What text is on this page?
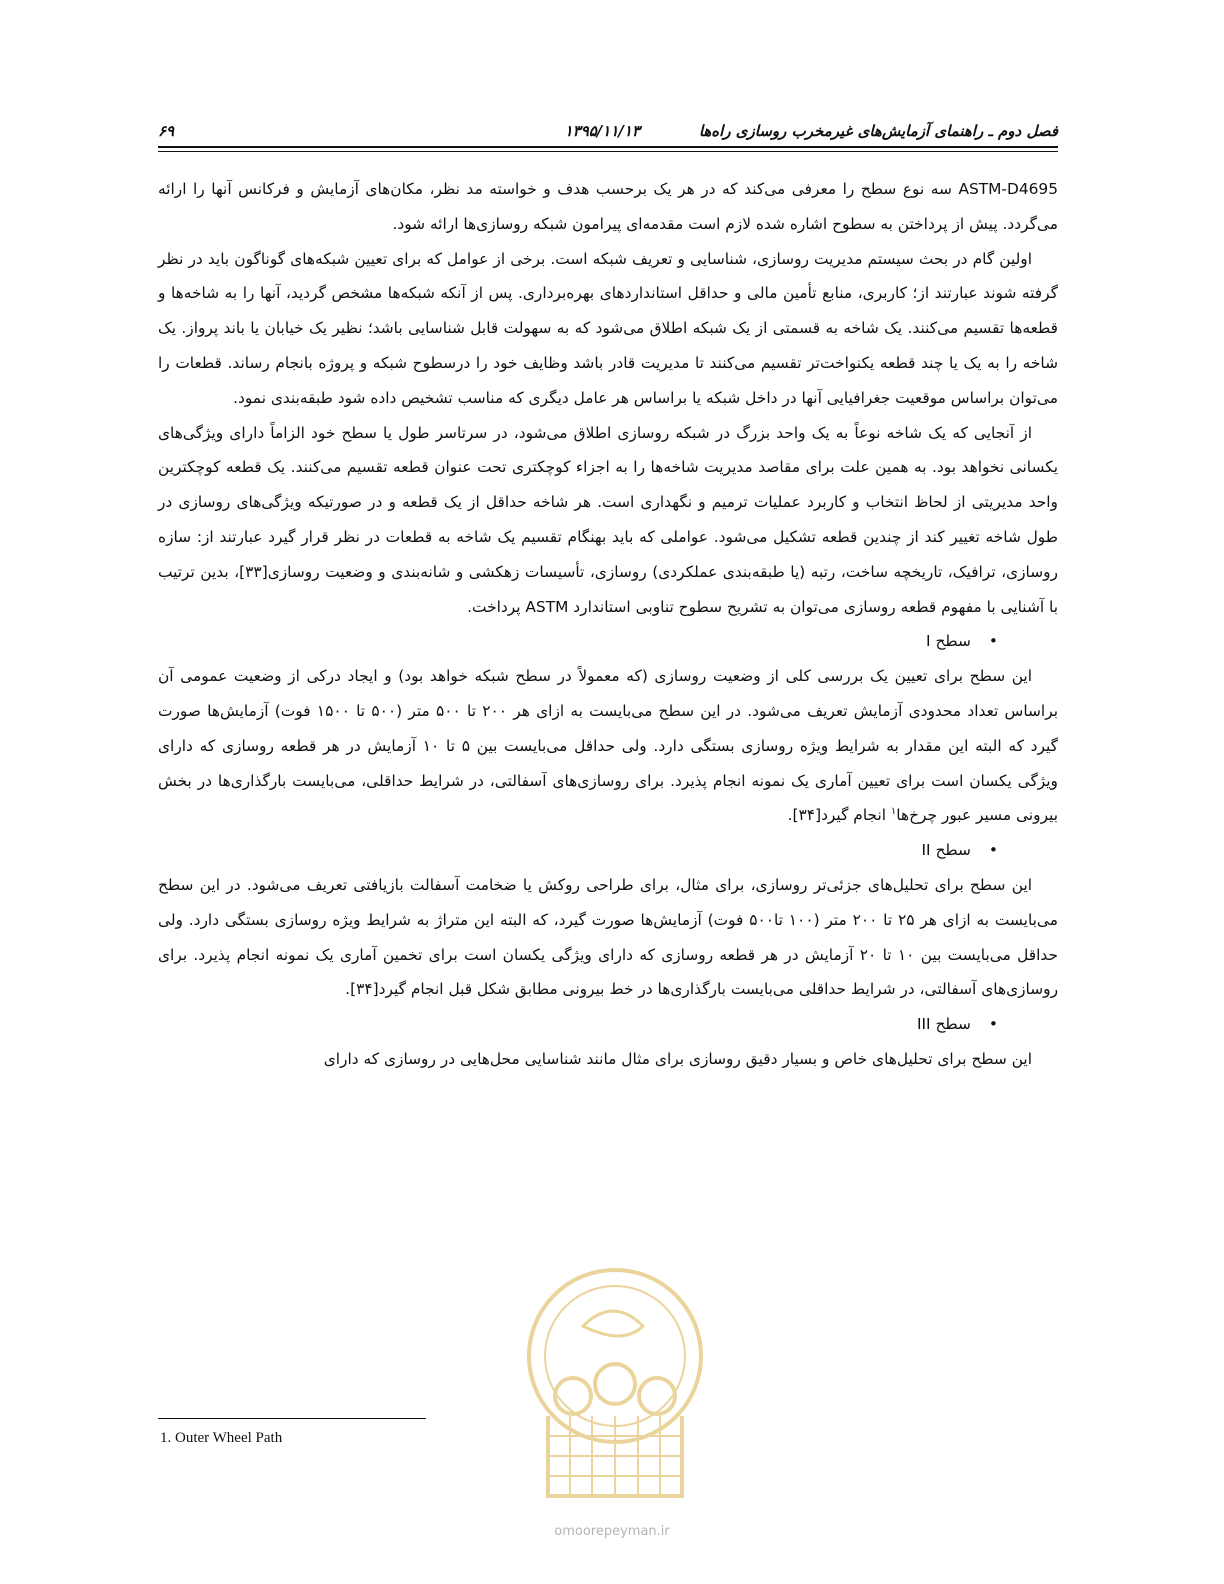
فصل دوم ـ راهنمای آزمایش‌های غیرمخرب روسازی راه‌ها
۱۳۹۵/۱۱/۱۳
۶۹

ASTM-D4695 سه نوع سطح را معرفی می‌کند که در هر یک برحسب هدف و خواسته مد نظر، مکان‌های آزمایش و فرکانس آنها را ارائه می‌گردد. پیش از پرداختن به سطوح اشاره شده لازم است مقدمه‌ای پیرامون شبکه روسازی‌ها ارائه شود.

اولین گام در بحث سیستم مدیریت روسازی، شناسایی و تعریف شبکه است. برخی از عوامل که برای تعیین شبکه‌های گوناگون باید در نظر گرفته شوند عبارتند از؛ کاربری، منابع تأمین مالی و حداقل استانداردهای بهره‌برداری. پس از آنکه شبکه‌ها مشخص گردید، آنها را به شاخه‌ها و قطعه‌ها تقسیم می‌کنند. یک شاخه به قسمتی از یک شبکه اطلاق می‌شود که به سهولت قابل شناسایی باشد؛ نظیر یک خیابان یا باند پرواز. یک شاخه را به یک یا چند قطعه یکنواخت‌تر تقسیم می‌کنند تا مدیریت قادر باشد وظایف خود را درسطوح شبکه و پروژه بانجام رساند. قطعات را می‌توان براساس موقعیت جغرافیایی آنها در داخل شبکه یا براساس هر عامل دیگری که مناسب تشخیص داده شود طبقه‌بندی نمود.

از آنجایی که یک شاخه نوعاً به یک واحد بزرگ در شبکه روسازی اطلاق می‌شود، در سرتاسر طول یا سطح خود الزاماً دارای ویژگی‌های یکسانی نخواهد بود. به همین علت برای مقاصد مدیریت شاخه‌ها را به اجزاء کوچکتری تحت عنوان قطعه تقسیم می‌کنند. یک قطعه کوچکترین واحد مدیریتی از لحاظ انتخاب و کاربرد عملیات ترمیم و نگهداری است. هر شاخه حداقل از یک قطعه و در صورتیکه ویژگی‌های روسازی در طول شاخه تغییر کند از چندین قطعه تشکیل می‌شود. عواملی که باید بهنگام تقسیم یک شاخه به قطعات در نظر قرار گیرد عبارتند از: سازه روسازی، ترافیک، تاریخچه ساخت، رتبه (یا طبقه‌بندی عملکردی) روسازی، تأسیسات زهکشی و شانه‌بندی و وضعیت روسازی[۳۳]، بدین ترتیب با آشنایی با مفهوم قطعه روسازی می‌توان به تشریح سطوح تناوبی استاندارد ASTM پرداخت.

•سطح I

این سطح برای تعیین یک بررسی کلی از وضعیت روسازی (که معمولاً در سطح شبکه خواهد بود) و ایجاد درکی از وضعیت عمومی آن براساس تعداد محدودی آزمایش تعریف می‌شود. در این سطح می‌بایست به ازای هر ۲۰۰ تا ۵۰۰ متر (۵۰۰ تا ۱۵۰۰ فوت) آزمایش‌ها صورت گیرد که البته این مقدار به شرایط ویژه روسازی بستگی دارد. ولی حداقل می‌بایست بین ۵ تا ۱۰ آزمایش در هر قطعه روسازی که دارای ویژگی یکسان است برای تعیین آماری یک نمونه انجام پذیرد. برای روسازی‌های آسفالتی، در شرایط حداقلی، می‌بایست بارگذاری‌ها در بخش بیرونی مسیر عبور چرخ‌ها$^۱$ انجام گیرد[۳۴].

•سطح II

این سطح برای تحلیل‌های جزئی‌تر روسازی، برای مثال، برای طراحی روکش یا ضخامت آسفالت بازیافتی تعریف می‌شود. در این سطح می‌بایست به ازای هر ۲۵ تا ۲۰۰ متر (۱۰۰ تا۵۰۰ فوت) آزمایش‌ها صورت گیرد، که البته این متراژ به شرایط ویژه روسازی بستگی دارد. ولی حداقل می‌بایست بین ۱۰ تا ۲۰ آزمایش در هر قطعه روسازی که دارای ویژگی یکسان است برای تخمین آماری یک نمونه انجام پذیرد. برای روسازی‌های آسفالتی، در شرایط حداقلی می‌بایست بارگذاری‌ها در خط بیرونی مطابق شکل قبل انجام گیرد[۳۴].

•سطح III

این سطح برای تحلیل‌های خاص و بسیار دقیق روسازی برای مثال مانند شناسایی محل‌هایی در روسازی که دارای

1. Outer Wheel Path
omoorepeyman.ir
